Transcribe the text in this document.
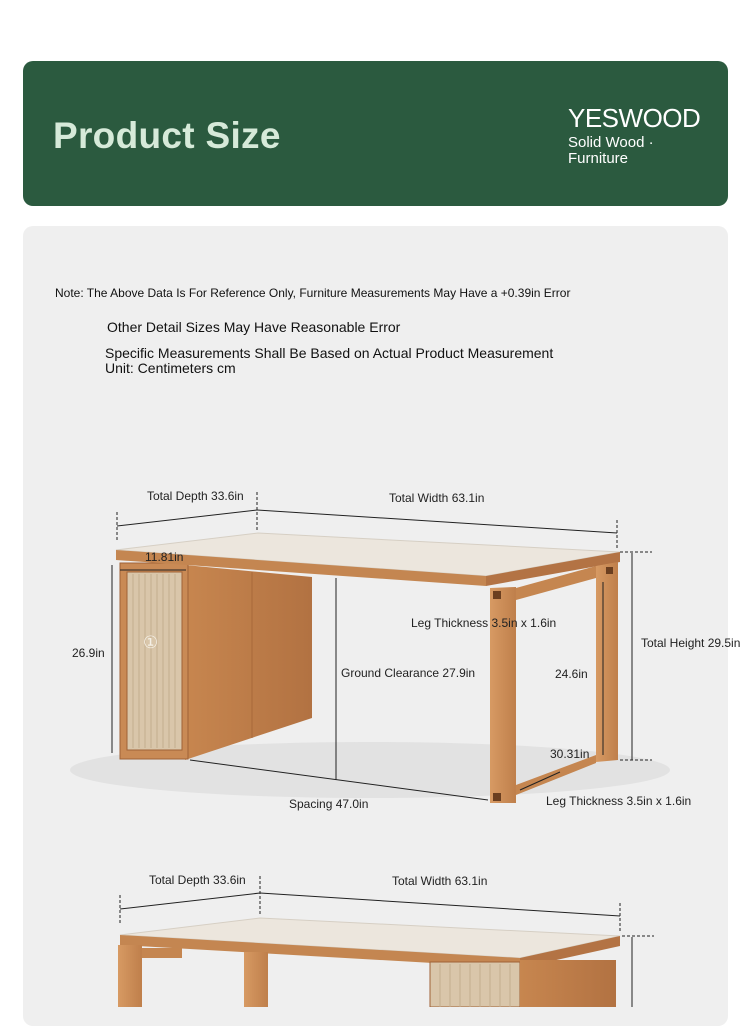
Product Size	YESWOOD
Solid Wood · Furniture
Note: The Above Data Is For Reference Only, Furniture Measurements May Have a +0.39in Error
Other Detail Sizes May Have Reasonable Error
Specific Measurements Shall Be Based on Actual Product Measurement
Unit: Centimeters cm
Total Depth 33.6in	Total Width 63.1in
11.81in
26.9in
①
Leg Thickness 3.5in x 1.6in
Ground Clearance 27.9in	24.6in
Total Height 29.5in
30.31in
Spacing 47.0in	Leg Thickness 3.5in x 1.6in
Total Depth 33.6in	Total Width 63.1in
